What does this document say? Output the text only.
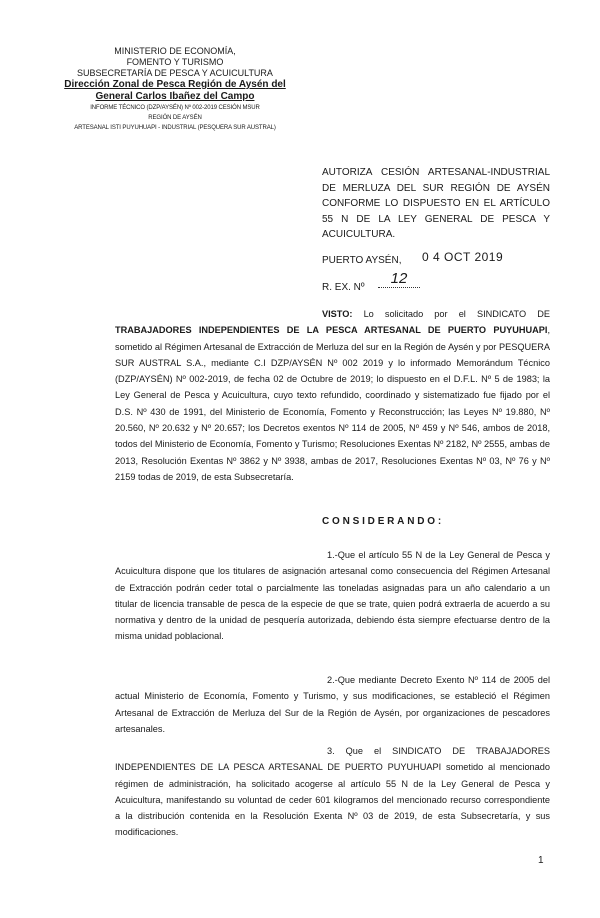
MINISTERIO DE ECONOMÍA,
FOMENTO Y TURISMO
SUBSECRETARÍA DE PESCA Y ACUICULTURA
Dirección Zonal de Pesca Región de Aysén del
General Carlos Ibañez del Campo
INFORME TÉCNICO (DZP/AYSÉN) Nº 002-2019 CESIÓN MSUR
REGIÓN DE AYSÉN
ARTESANAL ISTI PUYUHUAPI - INDUSTRIAL (PESQUERA SUR AUSTRAL)
AUTORIZA CESIÓN ARTESANAL-INDUSTRIAL DE MERLUZA DEL SUR REGIÓN DE AYSÉN CONFORME LO DISPUESTO EN EL ARTÍCULO 55 N DE LA LEY GENERAL DE PESCA Y ACUICULTURA.
PUERTO AYSÉN, 0 4 OCT 2019
R. EX. Nº
12
VISTO: Lo solicitado por el SINDICATO DE TRABAJADORES INDEPENDIENTES DE LA PESCA ARTESANAL DE PUERTO PUYUHUAPI, sometido al Régimen Artesanal de Extracción de Merluza del sur en la Región de Aysén y por PESQUERA SUR AUSTRAL S.A., mediante C.I DZP/AYSÉN Nº 002 2019 y lo informado Memorándum Técnico (DZP/AYSÉN) Nº 002-2019, de fecha 02 de Octubre de 2019; lo dispuesto en el D.F.L. Nº 5 de 1983; la Ley General de Pesca y Acuicultura, cuyo texto refundido, coordinado y sistematizado fue fijado por el D.S. Nº 430 de 1991, del Ministerio de Economía, Fomento y Reconstrucción; las Leyes Nº 19.880, Nº 20.560, Nº 20.632 y Nº 20.657; los Decretos exentos Nº 114 de 2005, Nº 459 y Nº 546, ambos de 2018, todos del Ministerio de Economía, Fomento y Turismo; Resoluciones Exentas Nº 2182, Nº 2555, ambas de 2013, Resolución Exentas Nº 3862 y Nº 3938, ambas de 2017, Resoluciones Exentas Nº 03, Nº 76 y Nº 2159 todas de 2019, de esta Subsecretaría.
CONSIDERANDO:
1.-Que el artículo 55 N de la Ley General de Pesca y Acuicultura dispone que los titulares de asignación artesanal como consecuencia del Régimen Artesanal de Extracción podrán ceder total o parcialmente las toneladas asignadas para un año calendario a un titular de licencia transable de pesca de la especie de que se trate, quien podrá extraerla de acuerdo a su normativa y dentro de la unidad de pesquería autorizada, debiendo ésta siempre efectuarse dentro de la misma unidad poblacional.
2.-Que mediante Decreto Exento Nº 114 de 2005 del actual Ministerio de Economía, Fomento y Turismo, y sus modificaciones, se estableció el Régimen Artesanal de Extracción de Merluza del Sur de la Región de Aysén, por organizaciones de pescadores artesanales.
3. Que el SINDICATO DE TRABAJADORES INDEPENDIENTES DE LA PESCA ARTESANAL DE PUERTO PUYUHUAPI sometido al mencionado régimen de administración, ha solicitado acogerse al artículo 55 N de la Ley General de Pesca y Acuicultura, manifestando su voluntad de ceder 601 kilogramos del mencionado recurso correspondiente a la distribución contenida en la Resolución Exenta Nº 03 de 2019, de esta Subsecretaría, y sus modificaciones.
1
